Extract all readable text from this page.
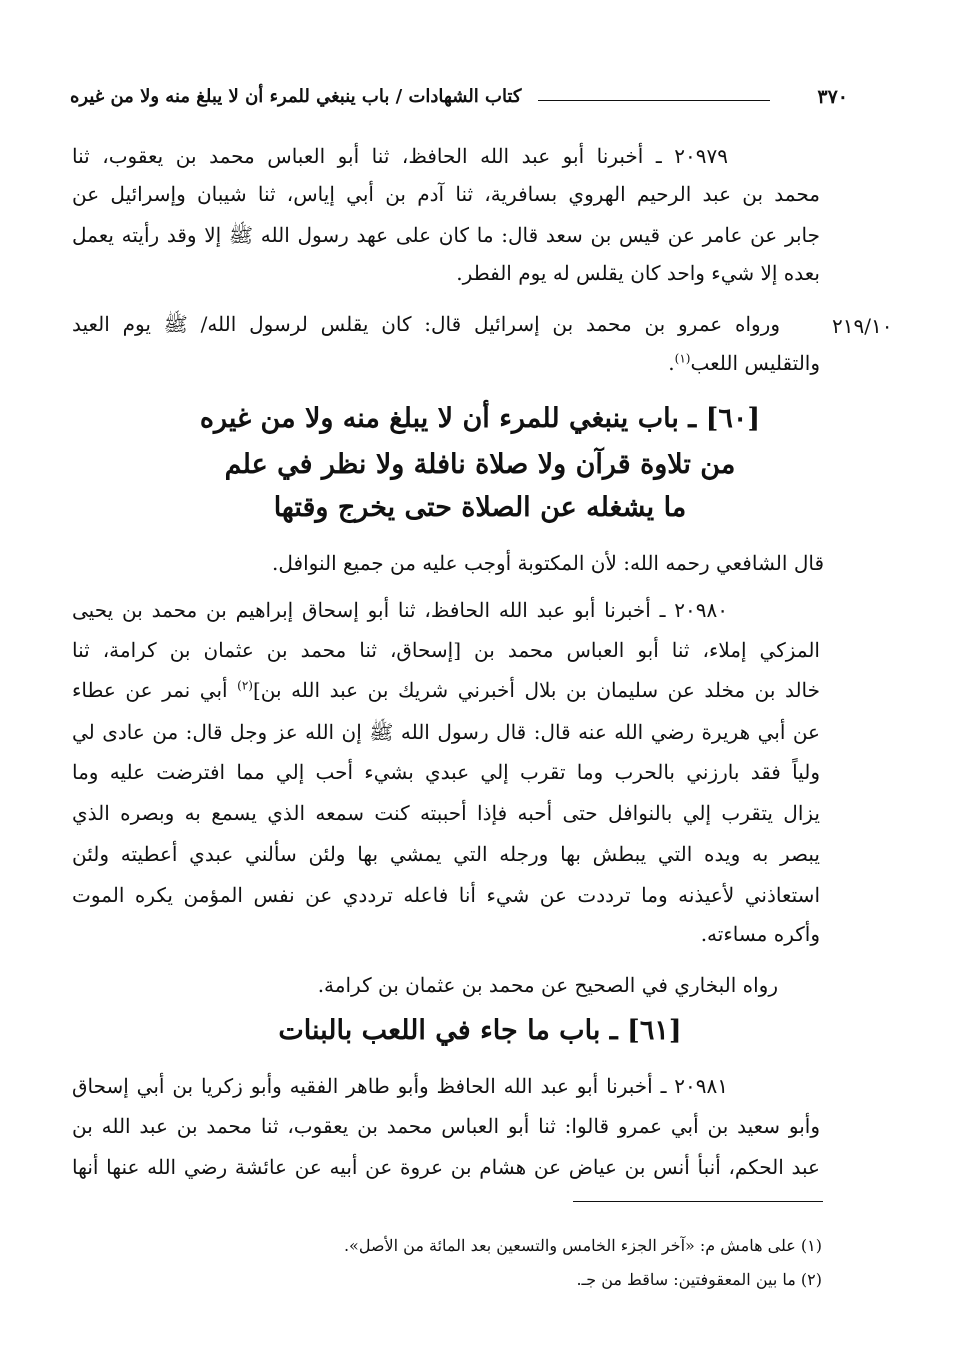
٣٧٠
كتاب الشهادات / باب ينبغي للمرء أن لا يبلغ منه ولا من غيره
٢٠٩٧٩ ـ أخبرنا أبو عبد الله الحافظ، ثنا أبو العباس محمد بن يعقوب، ثنا
محمد بن عبد الرحيم الهروي بسافرية، ثنا آدم بن أبي إياس، ثنا شيبان وإسرائيل عن
جابر عن عامر عن قيس بن سعد قال: ما كان على عهد رسول الله ﷺ إلا وقد رأيته يعمل
بعده إلا شيء واحد كان يقلس له يوم الفطر.
٢١٩/١٠
ورواه عمرو بن محمد بن إسرائيل قال: كان يقلس لرسول الله/ ﷺ يوم العيد
والتقليس اللعب$^{(١)}$.
[٦٠] ـ باب ينبغي للمرء أن لا يبلغ منه ولا من غيره
من تلاوة قرآن ولا صلاة نافلة ولا نظر في علم
ما يشغله عن الصلاة حتى يخرج وقتها
قال الشافعي رحمه الله: لأن المكتوبة أوجب عليه من جميع النوافل.
٢٠٩٨٠ ـ أخبرنا أبو عبد الله الحافظ، ثنا أبو إسحاق إبراهيم بن محمد بن يحيى
المزكي إملاء، ثنا أبو العباس محمد بن [إسحاق، ثنا محمد بن عثمان بن كرامة، ثنا
خالد بن مخلد عن سليمان بن بلال أخبرني شريك بن عبد الله بن]$^{(٢)}$ أبي نمر عن عطاء
عن أبي هريرة رضي الله عنه قال: قال رسول الله ﷺ إن الله عز وجل قال: من عادى لي
ولياً فقد بارزني بالحرب وما تقرب إلي عبدي بشيء أحب إلي مما افترضت عليه وما
يزال يتقرب إلي بالنوافل حتى أحبه فإذا أحببته كنت سمعه الذي يسمع به وبصره الذي
يبصر به ويده التي يبطش بها ورجله التي يمشي بها ولئن سألني عبدي أعطيته ولئن
استعاذني لأعيذنه وما ترددت عن شيء أنا فاعله ترددي عن نفس المؤمن يكره الموت
وأكره مساءته.
رواه البخاري في الصحيح عن محمد بن عثمان بن كرامة.
[٦١] ـ باب ما جاء في اللعب بالبنات
٢٠٩٨١ ـ أخبرنا أبو عبد الله الحافظ وأبو طاهر الفقيه وأبو زكريا بن أبي إسحاق
وأبو سعيد بن أبي عمرو قالوا: ثنا أبو العباس محمد بن يعقوب، ثنا محمد بن عبد الله بن
عبد الحكم، أنبأ أنس بن عياض عن هشام بن عروة عن أبيه عن عائشة رضي الله عنها أنها
(١) على هامش م: «آخر الجزء الخامس والتسعين بعد المائة من الأصل».
(٢) ما بين المعقوفتين: ساقط من جـ.
